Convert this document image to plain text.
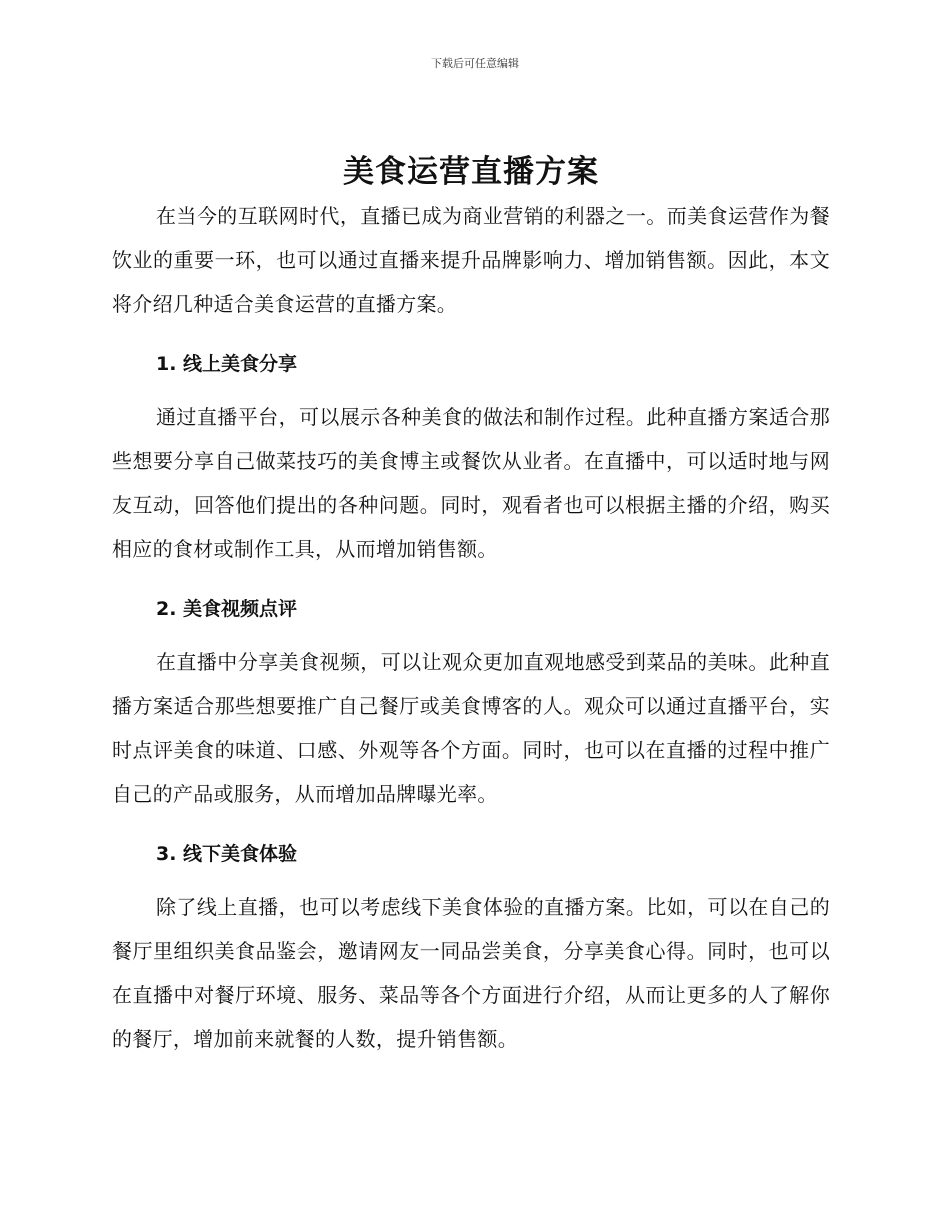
下载后可任意编辑
美食运营直播方案

在当今的互联网时代，直播已成为商业营销的利器之一。而美食运营作为餐饮业的重要一环，也可以通过直播来提升品牌影响力、增加销售额。因此，本文将介绍几种适合美食运营的直播方案。

1. 线上美食分享

通过直播平台，可以展示各种美食的做法和制作过程。此种直播方案适合那些想要分享自己做菜技巧的美食博主或餐饮从业者。在直播中，可以适时地与网友互动，回答他们提出的各种问题。同时，观看者也可以根据主播的介绍，购买相应的食材或制作工具，从而增加销售额。

2. 美食视频点评

在直播中分享美食视频，可以让观众更加直观地感受到菜品的美味。此种直播方案适合那些想要推广自己餐厅或美食博客的人。观众可以通过直播平台，实时点评美食的味道、口感、外观等各个方面。同时，也可以在直播的过程中推广自己的产品或服务，从而增加品牌曝光率。

3. 线下美食体验

除了线上直播，也可以考虑线下美食体验的直播方案。比如，可以在自己的餐厅里组织美食品鉴会，邀请网友一同品尝美食，分享美食心得。同时，也可以在直播中对餐厅环境、服务、菜品等各个方面进行介绍，从而让更多的人了解你的餐厅，增加前来就餐的人数，提升销售额。
